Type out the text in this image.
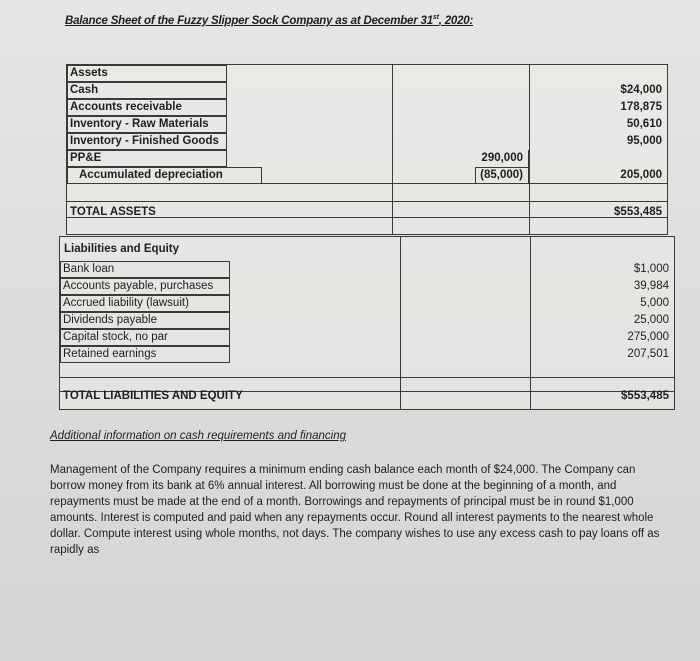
Balance Sheet of the Fuzzy Slipper Sock Company as at December 31st, 2020:
Assets
Cash
Accounts receivable
Inventory - Raw Materials
Inventory - Finished Goods
PP&E
Accumulated depreciation
290,000
(85,000)
$24,000
178,875
50,610
95,000
205,000
TOTAL ASSETS	$553,485
Liabilities and Equity
Bank loan
Accounts payable, purchases
Accrued liability (lawsuit)
Dividends payable
Capital stock, no par
Retained earnings
$1,000
39,984
5,000
25,000
275,000
207,501
TOTAL LIABILITIES AND EQUITY	$553,485
Additional information on cash requirements and financing
Management of the Company requires a minimum ending cash balance each month of $24,000. The Company can borrow money from its bank at 6% annual interest. All borrowing must be done at the beginning of a month, and repayments must be made at the end of a month. Borrowings and repayments of principal must be in round $1,000 amounts. Interest is computed and paid when any repayments occur. Round all interest payments to the nearest whole dollar. Compute interest using whole months, not days. The company wishes to use any excess cash to pay loans off as rapidly as
